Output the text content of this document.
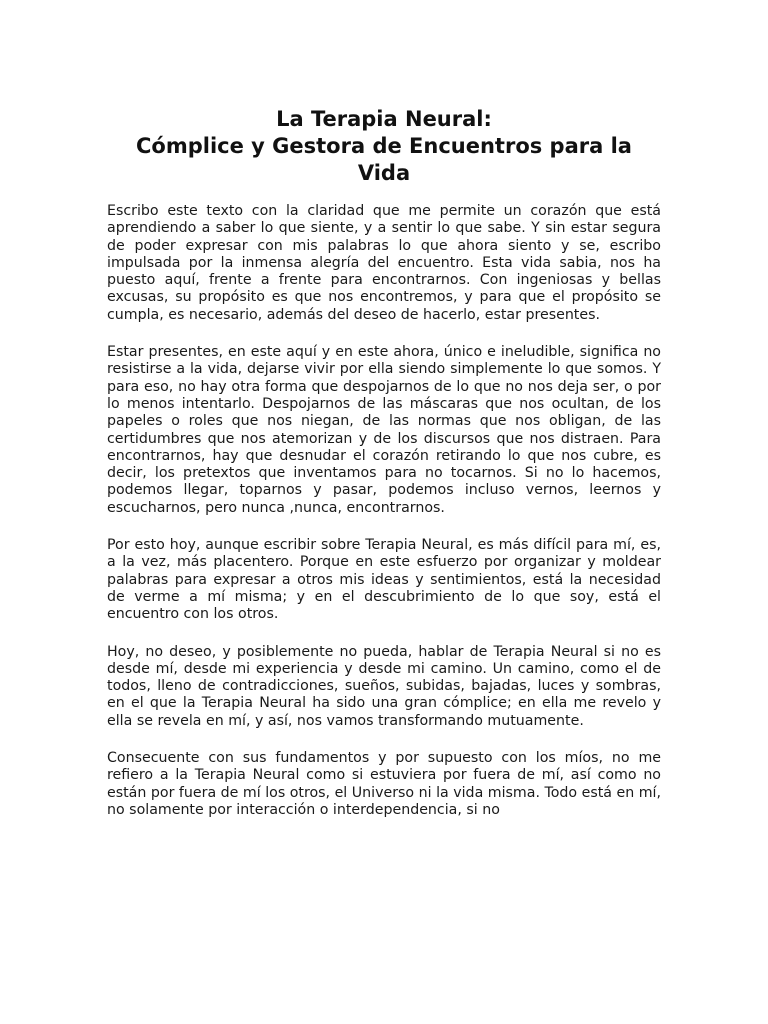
La Terapia Neural:
Cómplice y Gestora de Encuentros para la
Vida

Escribo este texto con la claridad que me permite un corazón que está aprendiendo a saber lo que siente, y a sentir lo que sabe. Y sin estar segura de poder expresar con mis palabras lo que ahora siento y se, escribo impulsada por la inmensa alegría del encuentro. Esta vida sabia, nos ha puesto aquí, frente a frente para encontrarnos. Con ingeniosas y bellas excusas, su propósito es que nos encontremos, y para que el propósito se cumpla, es necesario, además del deseo de hacerlo, estar presentes.

Estar presentes, en este aquí y en este ahora, único e ineludible, significa no resistirse a la vida, dejarse vivir por ella siendo simplemente lo que somos. Y para eso, no hay otra forma que despojarnos de lo que no nos deja ser, o por lo menos intentarlo. Despojarnos de las máscaras que nos ocultan, de los papeles o roles que nos niegan, de las normas que nos obligan, de las certidumbres que nos atemorizan y de los discursos que nos distraen. Para encontrarnos, hay que desnudar el corazón retirando lo que nos cubre, es decir, los pretextos que inventamos para no tocarnos. Si no lo hacemos, podemos llegar, toparnos y pasar, podemos incluso vernos, leernos y escucharnos, pero nunca ,nunca, encontrarnos.

Por esto hoy, aunque escribir sobre Terapia Neural, es más difícil para mí, es, a la vez, más placentero. Porque en este esfuerzo por organizar y moldear palabras para expresar a otros mis ideas y sentimientos, está la necesidad de verme a mí misma; y en el descubrimiento de lo que soy, está el encuentro con los otros.

Hoy, no deseo, y posiblemente no pueda, hablar de Terapia Neural si no es desde mí, desde mi experiencia y desde mi camino. Un camino, como el de todos, lleno de contradicciones, sueños, subidas, bajadas, luces y sombras, en el que la Terapia Neural ha sido una gran cómplice; en ella me revelo y ella se revela en mí, y así, nos vamos transformando mutuamente.

Consecuente con sus fundamentos y por supuesto con los míos, no me refiero a la Terapia Neural como si estuviera por fuera de mí, así como no están por fuera de mí los otros, el Universo ni la vida misma. Todo está en mí, no solamente por interacción o interdependencia, si no
